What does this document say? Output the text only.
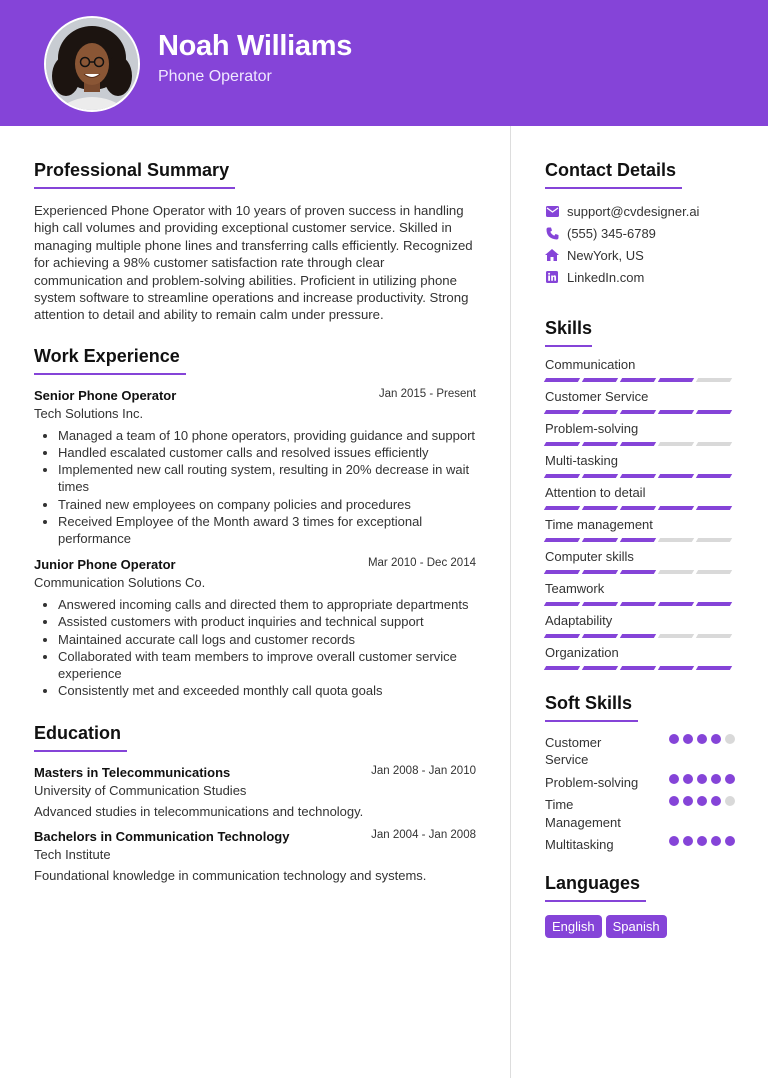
Noah Williams
Phone Operator
Professional Summary

Experienced Phone Operator with 10 years of proven success in handling high call volumes and providing exceptional customer service. Skilled in managing multiple phone lines and transferring calls efficiently. Recognized for achieving a 98% customer satisfaction rate through clear communication and problem-solving abilities. Proficient in utilizing phone system software to streamline operations and increase productivity. Strong attention to detail and ability to remain calm under pressure.

Work Experience
Senior Phone Operator	Jan 2015 - Present
Tech Solutions Inc.
• Managed a team of 10 phone operators, providing guidance and support
• Handled escalated customer calls and resolved issues efficiently
• Implemented new call routing system, resulting in 20% decrease in wait times
• Trained new employees on company policies and procedures
• Received Employee of the Month award 3 times for exceptional performance
Junior Phone Operator	Mar 2010 - Dec 2014
Communication Solutions Co.
• Answered incoming calls and directed them to appropriate departments
• Assisted customers with product inquiries and technical support
• Maintained accurate call logs and customer records
• Collaborated with team members to improve overall customer service experience
• Consistently met and exceeded monthly call quota goals
Education
Masters in Telecommunications	Jan 2008 - Jan 2010
University of Communication Studies
Advanced studies in telecommunications and technology.
Bachelors in Communication Technology	Jan 2004 - Jan 2008
Tech Institute
Foundational knowledge in communication technology and systems.
Contact Details
support@cvdesigner.ai
(555) 345-6789
NewYork, US
LinkedIn.com
Skills
Communication
Customer Service
Problem-solving
Multi-tasking
Attention to detail
Time management
Computer skills
Teamwork
Adaptability
Organization
Soft Skills
Customer Service
Problem-solving
Time Management
Multitasking
Languages
English Spanish
